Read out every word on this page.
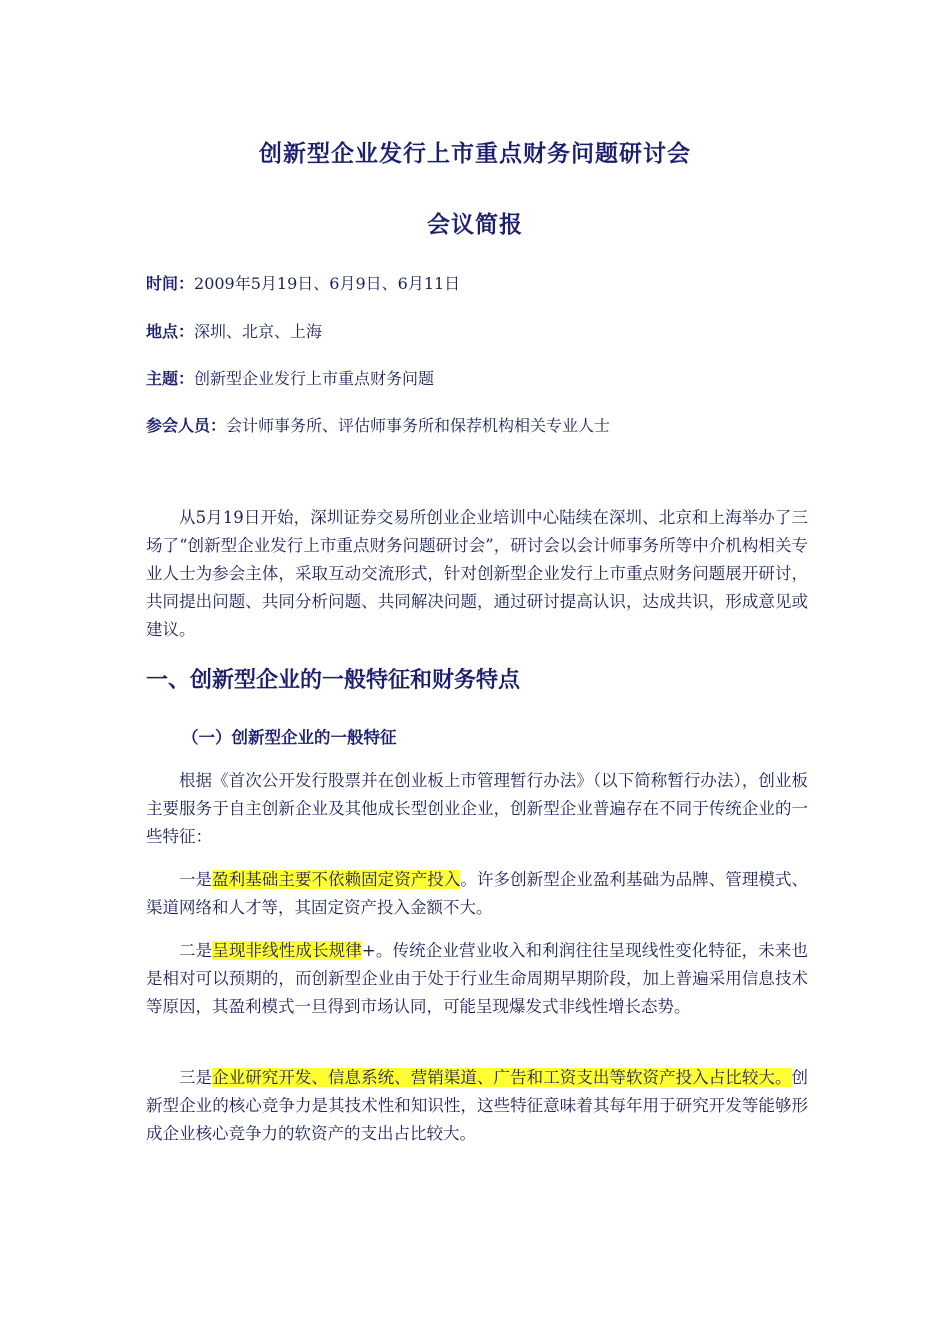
创新型企业发行上市重点财务问题研讨会
会议简报
时间：2009年5月19日、6月9日、6月11日
地点：深圳、北京、上海
主题：创新型企业发行上市重点财务问题
参会人员：会计师事务所、评估师事务所和保荐机构相关专业人士

从5月19日开始，深圳证券交易所创业企业培训中心陆续在深圳、北京和上海举办了三场了“创新型企业发行上市重点财务问题研讨会”，研讨会以会计师事务所等中介机构相关专业人士为参会主体，采取互动交流形式，针对创新型企业发行上市重点财务问题展开研讨，共同提出问题、共同分析问题、共同解决问题，通过研讨提高认识，达成共识，形成意见或建议。

一、创新型企业的一般特征和财务特点
（一）创新型企业的一般特征

根据《首次公开发行股票并在创业板上市管理暂行办法》（以下简称暂行办法），创业板主要服务于自主创新企业及其他成长型创业企业，创新型企业普遍存在不同于传统企业的一些特征：

一是盈利基础主要不依赖固定资产投入。许多创新型企业盈利基础为品牌、管理模式、渠道网络和人才等，其固定资产投入金额不大。

二是呈现非线性成长规律+。传统企业营业收入和利润往往呈现线性变化特征，未来也是相对可以预期的，而创新型企业由于处于行业生命周期早期阶段，加上普遍采用信息技术等原因，其盈利模式一旦得到市场认同，可能呈现爆发式非线性增长态势。

三是企业研究开发、信息系统、营销渠道、广告和工资支出等软资产投入占比较大。创新型企业的核心竞争力是其技术性和知识性，这些特征意味着其每年用于研究开发等能够形成企业核心竞争力的软资产的支出占比较大。
